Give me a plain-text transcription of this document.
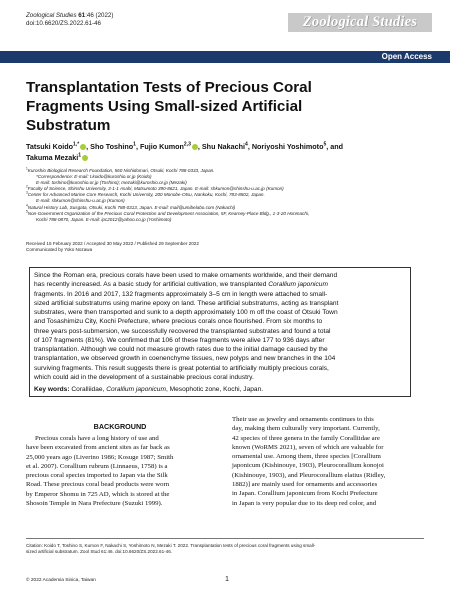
Zoological Studies 61:46 (2022)
doi:10.6620/ZS.2022.61-46	Zoological Studies
Open Access
Transplantation Tests of Precious Coral
Fragments Using Small-sized Artificial
Substratum
Tatsuki Koido$^{1,*}$ , Sho Toshino$^1$, Fujio Kumon$^{2,3}$ , Shu Nakachi$^4$, Noriyoshi Yoshimoto$^5$, and
Takuma Mezaki$^1$
$^1$Kuroshio Biological Research Foundation, 560 Nishidomari, Otsuki, Kochi 788-0333, Japan.
*Correspondence: E-mail: t.koido@kuroshio.or.jp (Koido)
E-mail: toshino@kuroshio.or.jp (Toshino); mezaki@kuroshio.or.jp (Mezaki)
$^2$Faculty of Science, Shinshu University, 3-1-1 Asahi, Matsumoto 390-8621, Japan. E-mail: shkumon@shinshu-u.ac.jp (Kumon)
$^3$Center for Advanced Marine Core Research, Kochi University, 200 Monobe-Otsu, Nankoku, Kochi, 783-8502, Japan.
E-mail: shkumon@shinshu-u.ac.jp (Kumon)
$^4$Natural History Lab, Susgata, Otsuki, Kochi 788-0313, Japan. E-mail: mail@umibelabo.com (Nakachi)
$^5$Non-Government Organization of the Precious Coral Protection and Development Association, 5F, Kearney-Place Bldg., 1-3-20 Honmachi,
Kochi 788-0870, Japan. E-mail: ipc2012@yahoo.co.jp (Yoshimoto)
Received 15 February 2022 / Accepted 30 May 2022 / Published 29 September 2022
Communicated by Yoko Nozawa
Since the Roman era, precious corals have been used to make ornaments worldwide, and their demand
has recently increased. As a basic study for artificial cultivation, we transplanted Corallium japonicum
fragments. In 2016 and 2017, 132 fragments approximately 3–5 cm in length were attached to small-
sized artificial substratums using marine epoxy on land. These artificial substratums, acting as transplant
substrates, were then transported and sunk to a depth approximately 100 m off the coast of Otsuki Town
and Tosashimizu City, Kochi Prefecture, where precious corals once flourished. From six months to
three years post-submersion, we successfully recovered the transplanted substrates and found a total
of 107 fragments (81%). We confirmed that 106 of these fragments were alive 177 to 936 days after
transplantation. Although we could not measure growth rates due to the initial damage caused by the
transplantation, we observed growth in coenenchyme tissues, new polyps and new branches in the 104
surviving fragments. This result suggests there is great potential to artificially multiply precious corals,
which could aid in the development of a sustainable precious coral industry.
Key words: Coralliidae, Corallium japonicum, Mesophotic zone, Kochi, Japan.
BACKGROUND
Precious corals have a long history of use and
have been excavated from ancient sites as far back as
25,000 years ago (Liverino 1986; Kosuge 1987; Smith
et al. 2007). Corallium rubrum (Linnaeus, 1758) is a
precious coral species imported to Japan via the Silk
Road. These precious coral bead products were worn
by Emperor Shomu in 725 AD, which is stored at the
Shosoin Temple in Nara Prefecture (Suzuki 1999).
Their use as jewelry and ornaments continues to this
day, making them culturally very important. Currently,
42 species of three genera in the family Coralliidae are
known (WoRMS 2021), seven of which are valuable for
ornamental use. Among them, three species [Corallium
japonicum (Kishinouye, 1903), Pleurocorallium konojoi
(Kishinouye, 1903), and Pleurocorallium elatius (Ridley,
1882)] are mainly used for ornaments and accessories
in Japan. Corallium japonicum from Kochi Prefecture
in Japan is very popular due to its deep red color, and
Citation: Koido T, Toshino S, Kumon F, Nakachi S, Yoshimoto N, Mezaki T. 2022. Transplantation tests of precious coral fragments using small-
sized artificial substratum. Zool Stud 61:46. doi:10.6620/ZS.2022.61-46.
© 2022 Academia Sinica, Taiwan	1
